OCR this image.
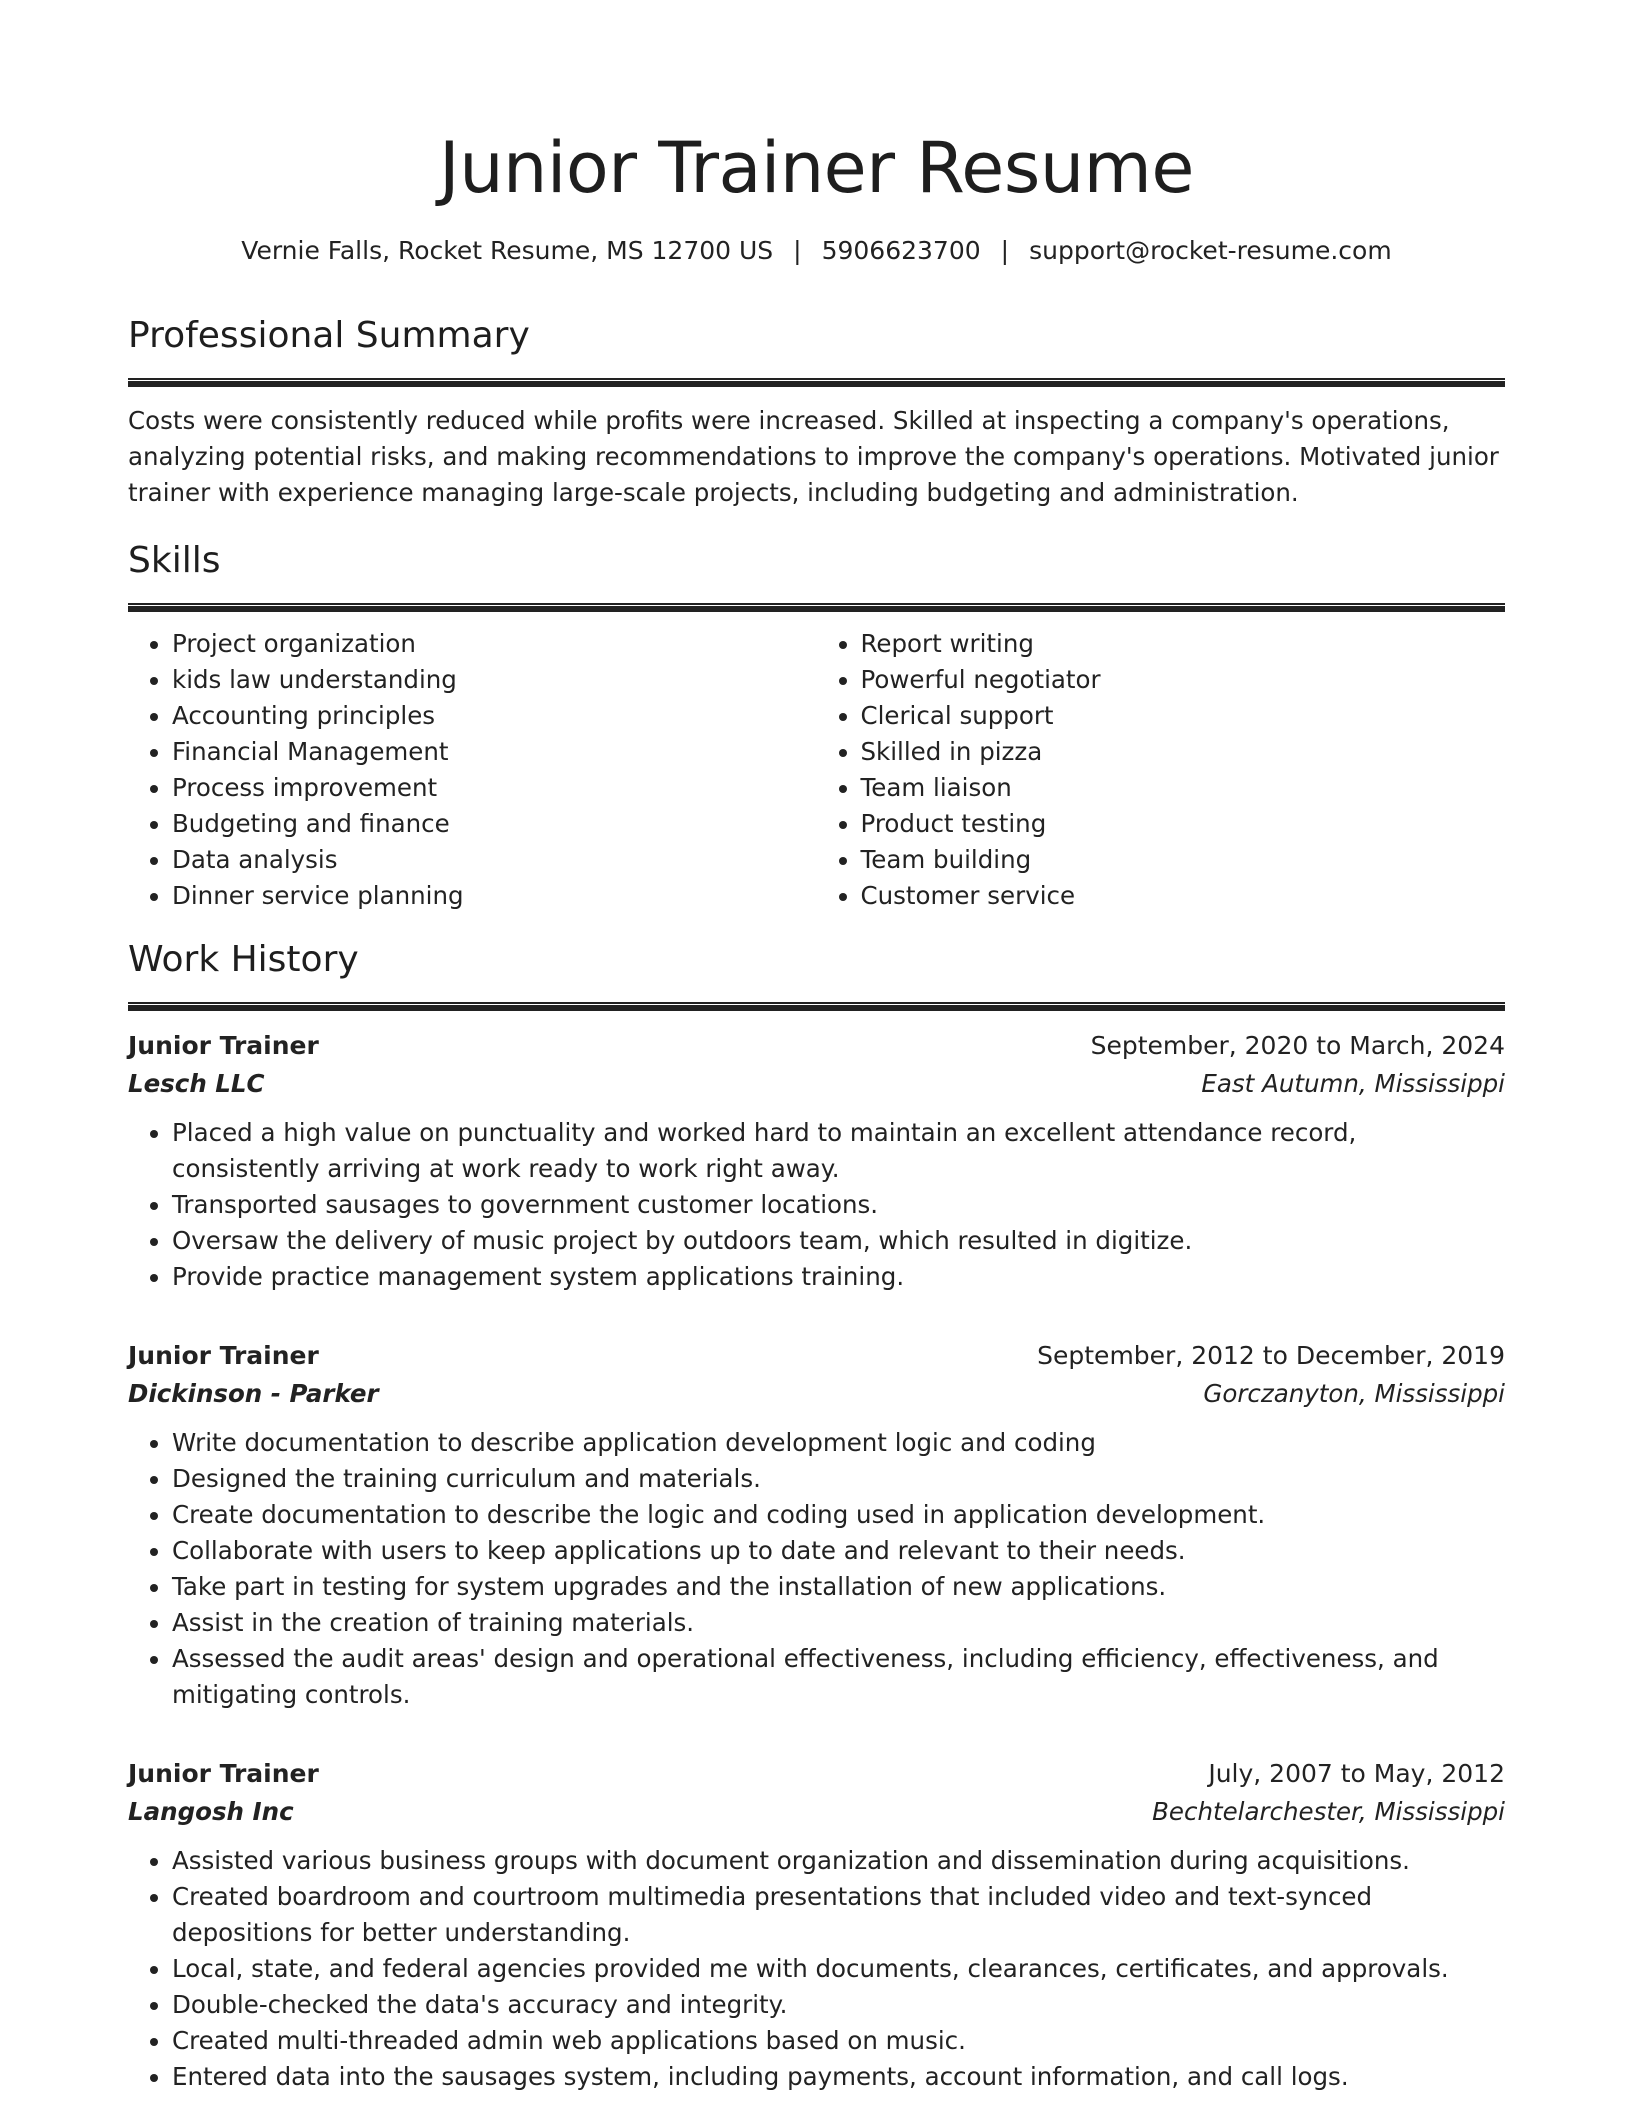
Junior Trainer Resume
Vernie Falls, Rocket Resume, MS 12700 US | 5906623700 | support@rocket-resume.com
Professional Summary

Costs were consistently reduced while profits were increased. Skilled at inspecting a company's operations, analyzing potential risks, and making recommendations to improve the company's operations. Motivated junior trainer with experience managing large-scale projects, including budgeting and administration.

Skills
• Project organization
• kids law understanding
• Accounting principles
• Financial Management
• Process improvement
• Budgeting and finance
• Data analysis
• Dinner service planning
• Report writing
• Powerful negotiator
• Clerical support
• Skilled in pizza
• Team liaison
• Product testing
• Team building
• Customer service
Work History
Junior Trainer	September, 2020 to March, 2024
Lesch LLC	East Autumn, Mississippi
• Placed a high value on punctuality and worked hard to maintain an excellent attendance record, consistently arriving at work ready to work right away.
• Transported sausages to government customer locations.
• Oversaw the delivery of music project by outdoors team, which resulted in digitize.
• Provide practice management system applications training.
Junior Trainer	September, 2012 to December, 2019
Dickinson - Parker	Gorczanyton, Mississippi
• Write documentation to describe application development logic and coding
• Designed the training curriculum and materials.
• Create documentation to describe the logic and coding used in application development.
• Collaborate with users to keep applications up to date and relevant to their needs.
• Take part in testing for system upgrades and the installation of new applications.
• Assist in the creation of training materials.
• Assessed the audit areas' design and operational effectiveness, including efficiency, effectiveness, and mitigating controls.
Junior Trainer	July, 2007 to May, 2012
Langosh Inc	Bechtelarchester, Mississippi
• Assisted various business groups with document organization and dissemination during acquisitions.
• Created boardroom and courtroom multimedia presentations that included video and text-synced depositions for better understanding.
• Local, state, and federal agencies provided me with documents, clearances, certificates, and approvals.
• Double-checked the data's accuracy and integrity.
• Created multi-threaded admin web applications based on music.
• Entered data into the sausages system, including payments, account information, and call logs.
